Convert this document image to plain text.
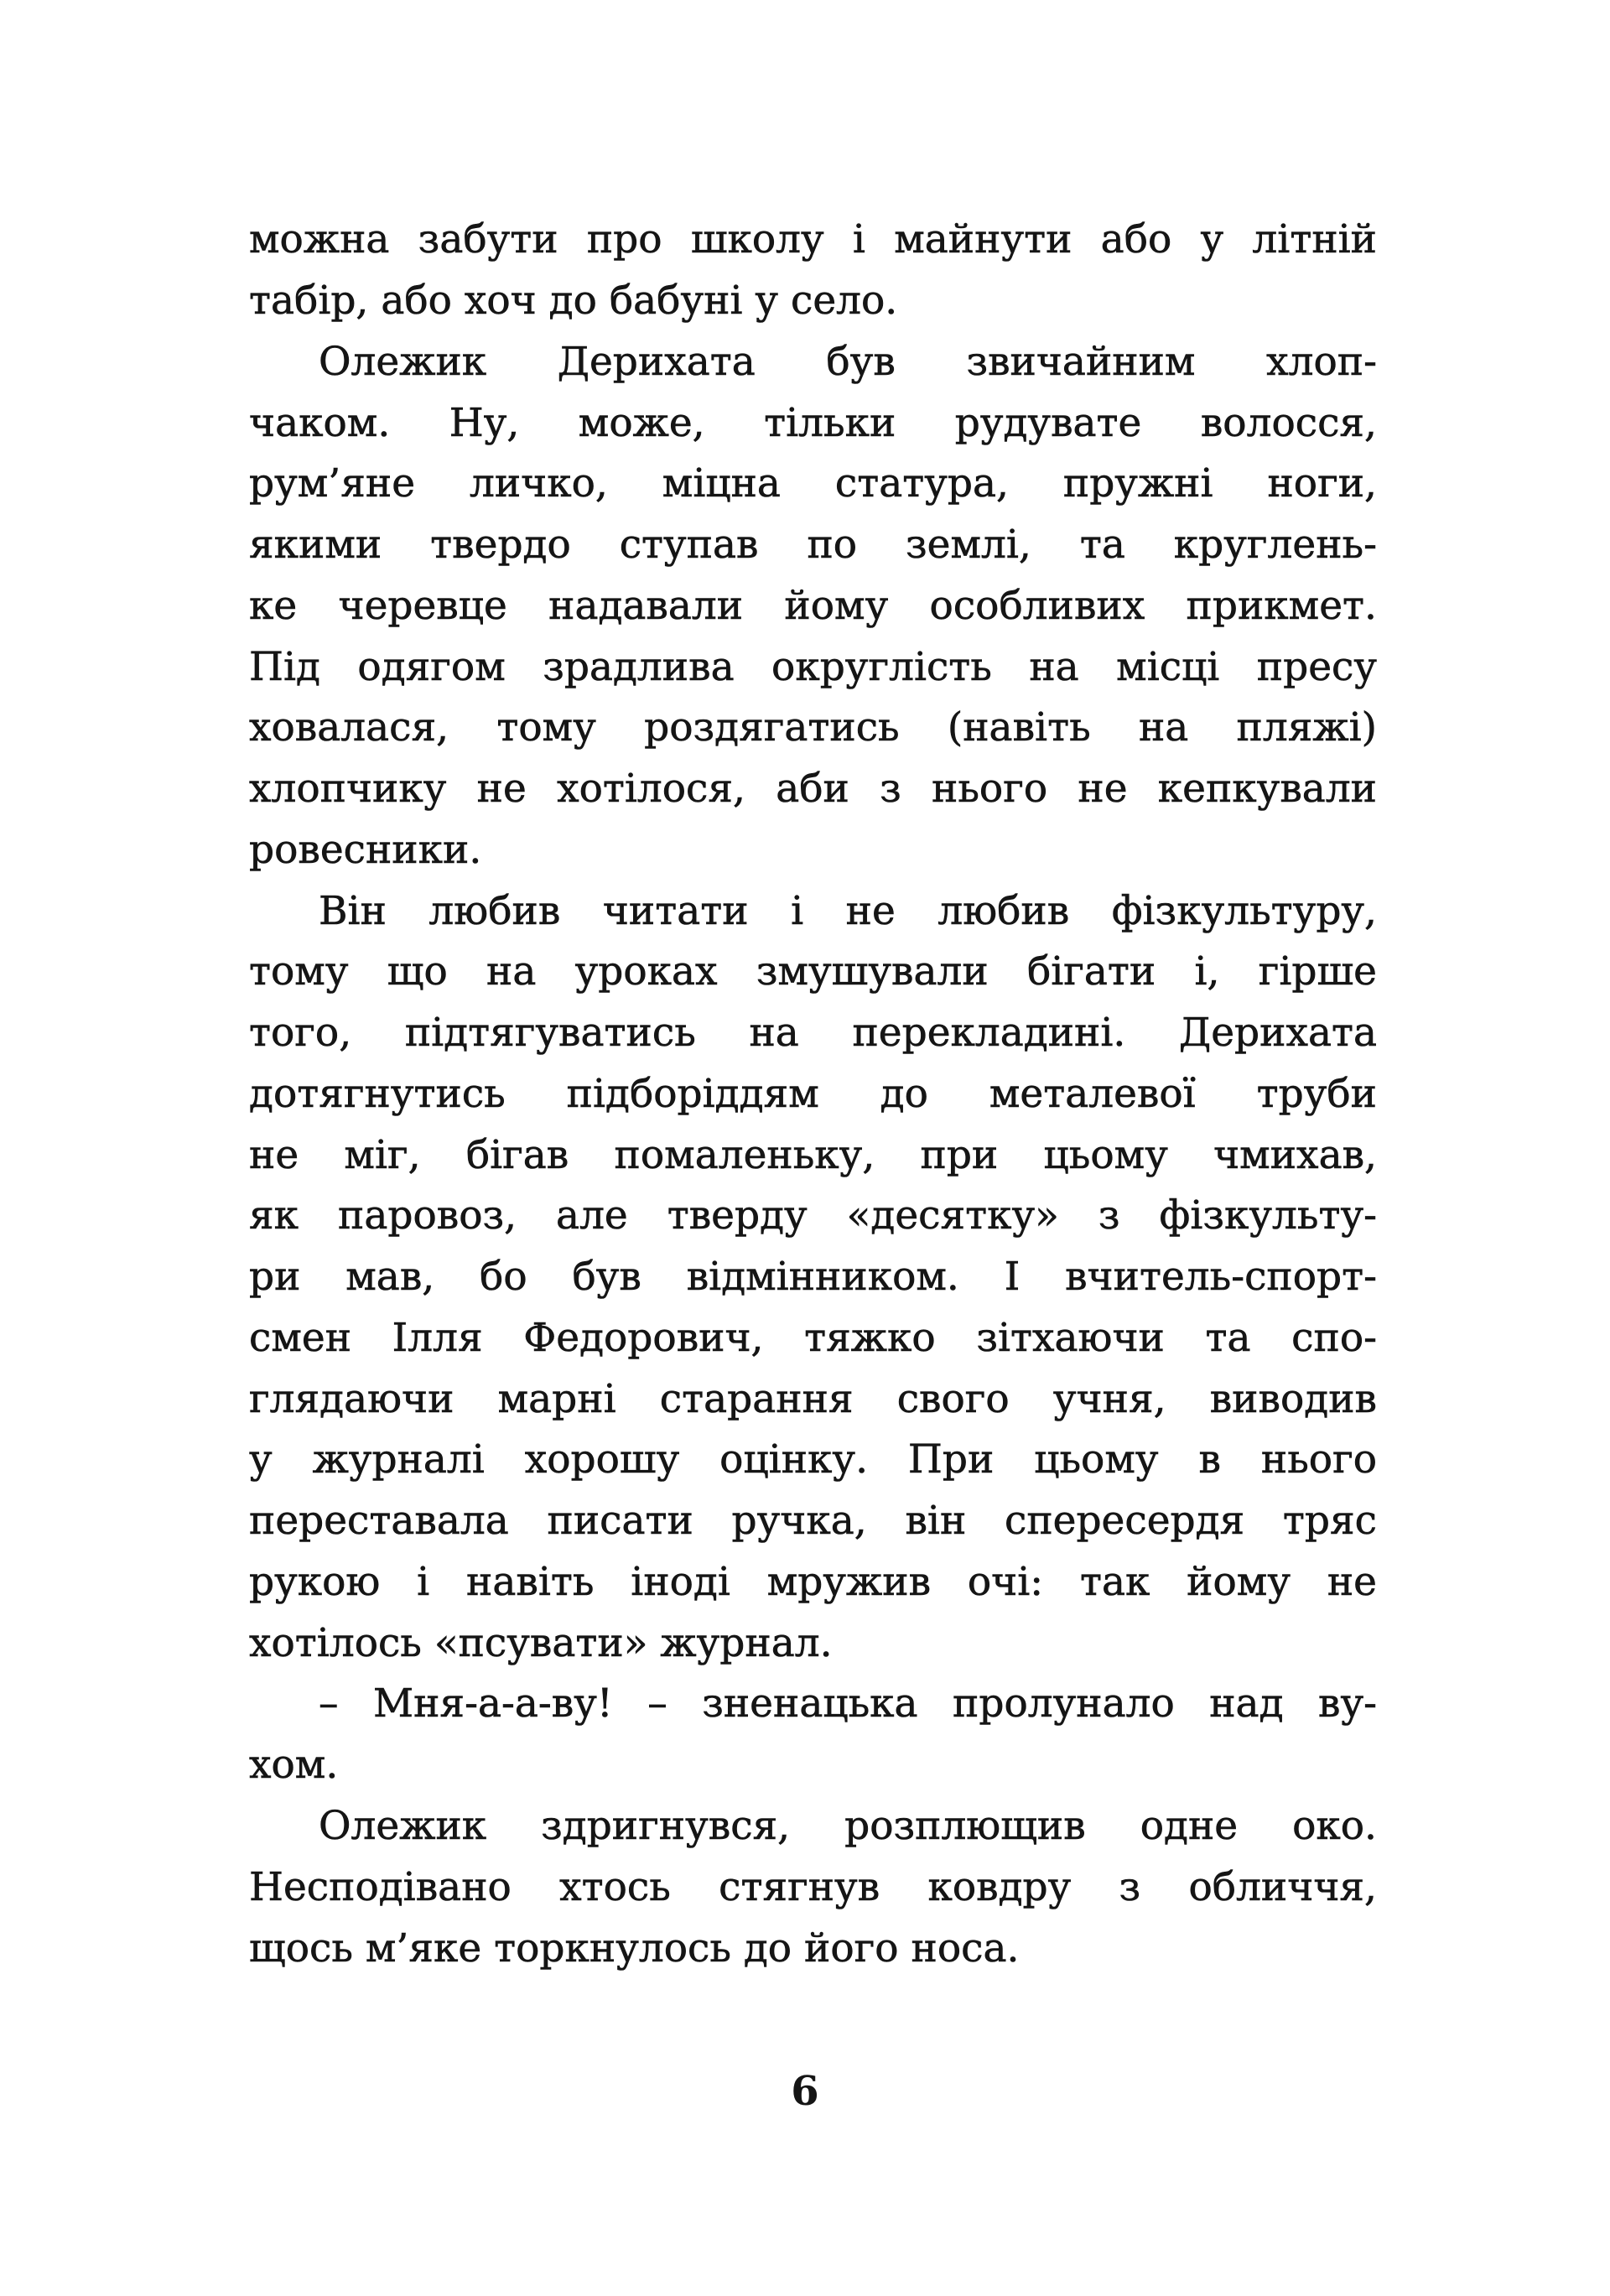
можна забути про школу і майнути або у літній
табір, або хоч до бабуні у село.
Олежик Дерихата був звичайним хлоп-
чаком. Ну, може, тільки рудувате волосся,
рум’яне личко, міцна статура, пружні ноги,
якими твердо ступав по землі, та круглень-
ке черевце надавали йому особливих прикмет.
Під одягом зрадлива округлість на місці пресу
ховалася, тому роздягатись (навіть на пляжі)
хлопчику не хотілося, аби з нього не кепкували
ровесники.
Він любив читати і не любив фізкультуру,
тому що на уроках змушували бігати і, гірше
того, підтягуватись на перекладині. Дерихата
дотягнутись підборіддям до металевої труби
не міг, бігав помаленьку, при цьому чмихав,
як паровоз, але тверду «десятку» з фізкульту-
ри мав, бо був відмінником. І вчитель-спорт-
смен Ілля Федорович, тяжко зітхаючи та спо-
глядаючи марні старання свого учня, виводив
у журналі хорошу оцінку. При цьому в нього
переставала писати ручка, він спересердя тряс
рукою і навіть іноді мружив очі: так йому не
хотілось «псувати» журнал.
– Мня-а-а-ву! – зненацька пролунало над ву-
хом.
Олежик здригнувся, розплющив одне око.
Несподівано хтось стягнув ковдру з обличчя,
щось м’яке торкнулось до його носа.
6
